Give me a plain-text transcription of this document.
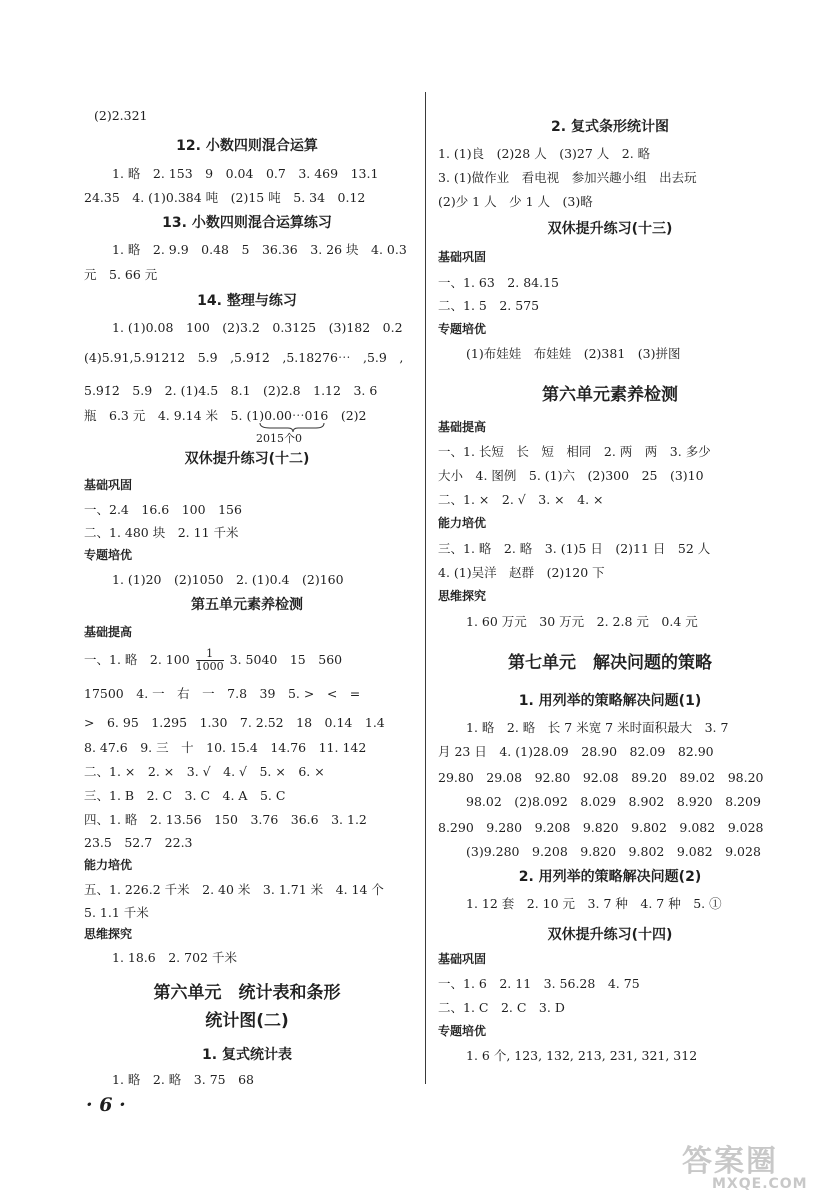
(2)2.321
12. 小数四则混合运算
1. 略　2. 153　9　0.04　0.7　3. 469　13.1
24.35　4. (1)0.384 吨　(2)15 吨　5. 34　0.12
13. 小数四则混合运算练习
1. 略　2. 9.9　0.48　5　36.36　3. 26 块　4. 0.3
元　5. 66 元
14. 整理与练习
1. (1)0.08　100　(2)3.2　0.3125　(3)182　0.2
(4)5.91,5.91212　5.9̇　,5.9̇1̇2̇　,5.18276⋯　,5.9̇　,
5.9̇1̇2̇　5.9̇　2. (1)4.5　8.1　(2)2.8　1.12　3. 6
瓶　6.3 元　4. 9.14 米　5. (1)0.00⋯016　(2)2
2015个0
双休提升练习(十二)
基础巩固
一、2.4　16.6　100　156
二、1. 480 块　2. 11 千米
专题培优
1. (1)20　(2)1050　2. (1)0.4　(2)160
第五单元素养检测
基础提高
一、1. 略　2. $100 \frac{1}{1000} 3$. 5040　15　560
17500　4. 一　右　一　7.8　39　5. >　<　=
>　6. 95　1.2̇95̇　1.30　7. 2.52　18　0.14　1.4
8. 47.6　9. 三　十　10. 15.4　14.76　11. 142
二、1. ×　2. ×　3. √　4. √　5. ×　6. ×
三、1. B　2. C　3. C　4. A　5. C
四、1. 略　2. 13.56　150　3.76　36.6　3. 1.2
23.5　52.7　22.3
能力培优
五、1. 226.2 千米　2. 40 米　3. 1.71 米　4. 14 个
5. 1.1 千米
思维探究
1. 18.6　2. 702 千米
第六单元　统计表和条形
统计图(二)
1. 复式统计表
1. 略　2. 略　3. 75　68
2. 复式条形统计图
1. (1)良　(2)28 人　(3)27 人　2. 略
3. (1)做作业　看电视　参加兴趣小组　出去玩
(2)少 1 人　少 1 人　(3)略
双休提升练习(十三)
基础巩固
一、1. 63　2. 84.15
二、1. 5　2. 575
专题培优
(1)布娃娃　布娃娃　(2)381　(3)拼图
第六单元素养检测
基础提高
一、1. 长短　长　短　相同　2. 两　两　3. 多少
大小　4. 图例　5. (1)六　(2)300　25　(3)10
二、1. ×　2. √　3. ×　4. ×
能力培优
三、1. 略　2. 略　3. (1)5 日　(2)11 日　52 人
4. (1)吴洋　赵群　(2)120 下
思维探究
1. 60 万元　30 万元　2. 2.8 元　0.4 元
第七单元　解决问题的策略
1. 用列举的策略解决问题(1)
1. 略　2. 略　长 7 米宽 7 米时面积最大　3. 7
月 23 日　4. (1)28.09　28.90　82.09　82.90
29.80　29.08　92.80　92.08　89.20　89.02　98.20
98.02　(2)8.092　8.029　8.902　8.920　8.209
8.290　9.280　9.208　9.820　9.802　9.082　9.028
(3)9.280　9.208　9.820　9.802　9.082　9.028
2. 用列举的策略解决问题(2)
1. 12 套　2. 10 元　3. 7 种　4. 7 种　5. ①
双休提升练习(十四)
基础巩固
一、1. 6　2. 11　3. 56.28　4. 75
二、1. C　2. C　3. D
专题培优
1. 6 个, 123, 132, 213, 231, 321, 312
· 6 ·
答案圈
MXQE.COM
